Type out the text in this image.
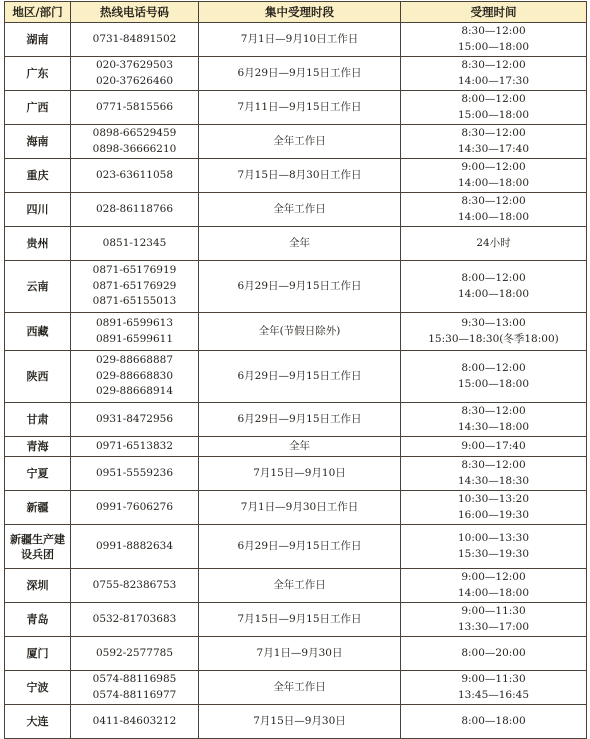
地区/部门	热线电话号码	集中受理时段	受理时间
湖南	0731-84891502	7月1日—9月10日工作日	8:30—12:00
15:00—18:00

广东	020-37629503
020-37626460	6月29日—9月15日工作日	8:30—12:00
14:00—17:30

广西	0771-5815566	7月11日—9月15日工作日	8:00—12:00
15:00—18:00

海南	0898-66529459
0898-36666210	全年工作日	8:30—12:00
14:30—17:40

重庆	023-63611058	7月15日—8月30日工作日	9:00—12:00
14:00—18:00

四川	028-86118766	全年工作日	8:30—12:00
14:00—18:00

贵州	0851-12345	全年	24小时

云南	0871-65176919
0871-65176929
0871-65155013	6月29日—9月15日工作日	8:00—12:00
14:00—18:00

西藏	0891-6599613
0891-6599611	全年(节假日除外)	9:30—13:00
15:30—18:30(冬季18:00)

陕西	029-88668887
029-88668830
029-88668914	6月29日—9月15日工作日	8:00—12:00
15:00—18:00

甘肃	0931-8472956	6月29日—9月15日工作日	8:30—12:00
14:30—18:00

青海	0971-6513832	全年	9:00—17:40

宁夏	0951-5559236	7月15日—9月10日	8:30—12:00
14:30—18:30

新疆	0991-7606276	7月1日—9月30日工作日	10:30—13:20
16:00—19:30

新疆生产建设兵团	0991-8882634	6月29日—9月15日工作日	10:00—13:30
15:30—19:30

深圳	0755-82386753	全年工作日	9:00—12:00
14:00—18:00

青岛	0532-81703683	7月15日—9月15日工作日	9:00—11:30
13:30—17:00

厦门	0592-2577785	7月1日—9月30日	8:00—20:00

宁波	0574-88116985
0574-88116977	全年工作日	9:00—11:30
13:45—16:45

大连	0411-84603212	7月15日—9月30日	8:00—18:00
